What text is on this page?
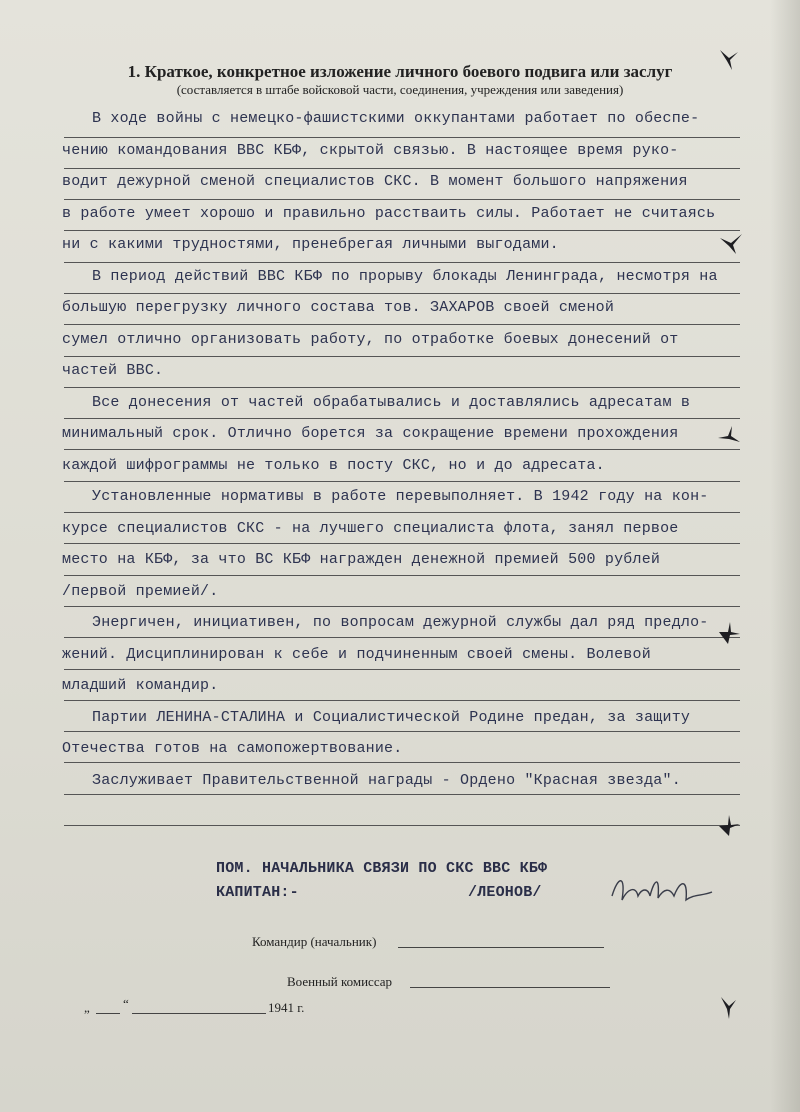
1. Краткое, конкретное изложение личного боевого подвига или заслуг
(составляется в штабе войсковой части, соединения, учреждения или заведения)
В ходе войны с немецко-фашистскими оккупантами работает по обеспе-
чению командования ВВС КБФ, скрытой связью. В настоящее время руко-
водит дежурной сменой специалистов СКС. В момент большого напряжения
в работе умеет хорошо и правильно расстваить силы. Работает не считаясь
ни с какими трудностями, пренебрегая личными выгодами.
В период действий ВВС КБФ по прорыву блокады Ленинграда, несмотря на
большую перегрузку личного состава тов. ЗАХАРОВ своей сменой
сумел отлично организовать работу, по отработке боевых донесений от
частей ВВС.
Все донесения от частей обрабатывались и доставлялись адресатам в
минимальный срок. Отлично борется за сокращение времени прохождения
каждой шифрограммы не только в посту СКС, но и до адресата.
Установленные нормативы в работе перевыполняет. В 1942 году на кон-
курсе специалистов СКС - на лучшего специалиста флота, занял первое
место на КБФ, за что ВС КБФ награжден денежной премией 500 рублей
/первой премией/.
Энергичен, инициативен, по вопросам дежурной службы дал ряд предло-
жений. Дисциплинирован к себе и подчиненным своей смены. Волевой
младший командир.
Партии ЛЕНИНА-СТАЛИНА и Социалистической Родине предан, за защиту
Отечества готов на самопожертвование.
Заслуживает Правительственной награды - Ордено "Красная звезда".
ПОМ. НАЧАЛЬНИКА СВЯЗИ ПО СКС ВВС КБФ
КАПИТАН:-	/ЛЕОНОВ/
Командир (начальник)
Военный комиссар
„	“	1941 г.
